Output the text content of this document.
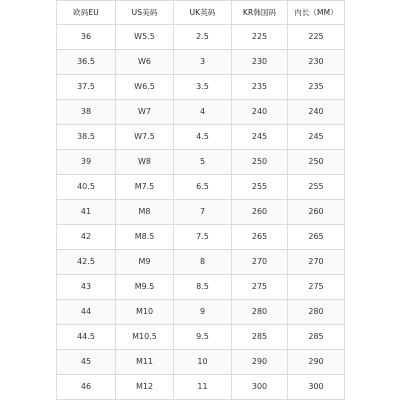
欧码EU	US美码	UK英码	KR韩国码	内长（MM）
36	W5.5	2.5	225	225
36.5	W6	3	230	230
37.5	W6.5	3.5	235	235
38	W7	4	240	240
38.5	W7.5	4.5	245	245
39	W8	5	250	250
40.5	M7.5	6.5	255	255
41	M8	7	260	260
42	M8.5	7.5	265	265
42.5	M9	8	270	270
43	M9.5	8.5	275	275
44	M10	9	280	280
44.5	M10.5	9.5	285	285
45	M11	10	290	290
46	M12	11	300	300
